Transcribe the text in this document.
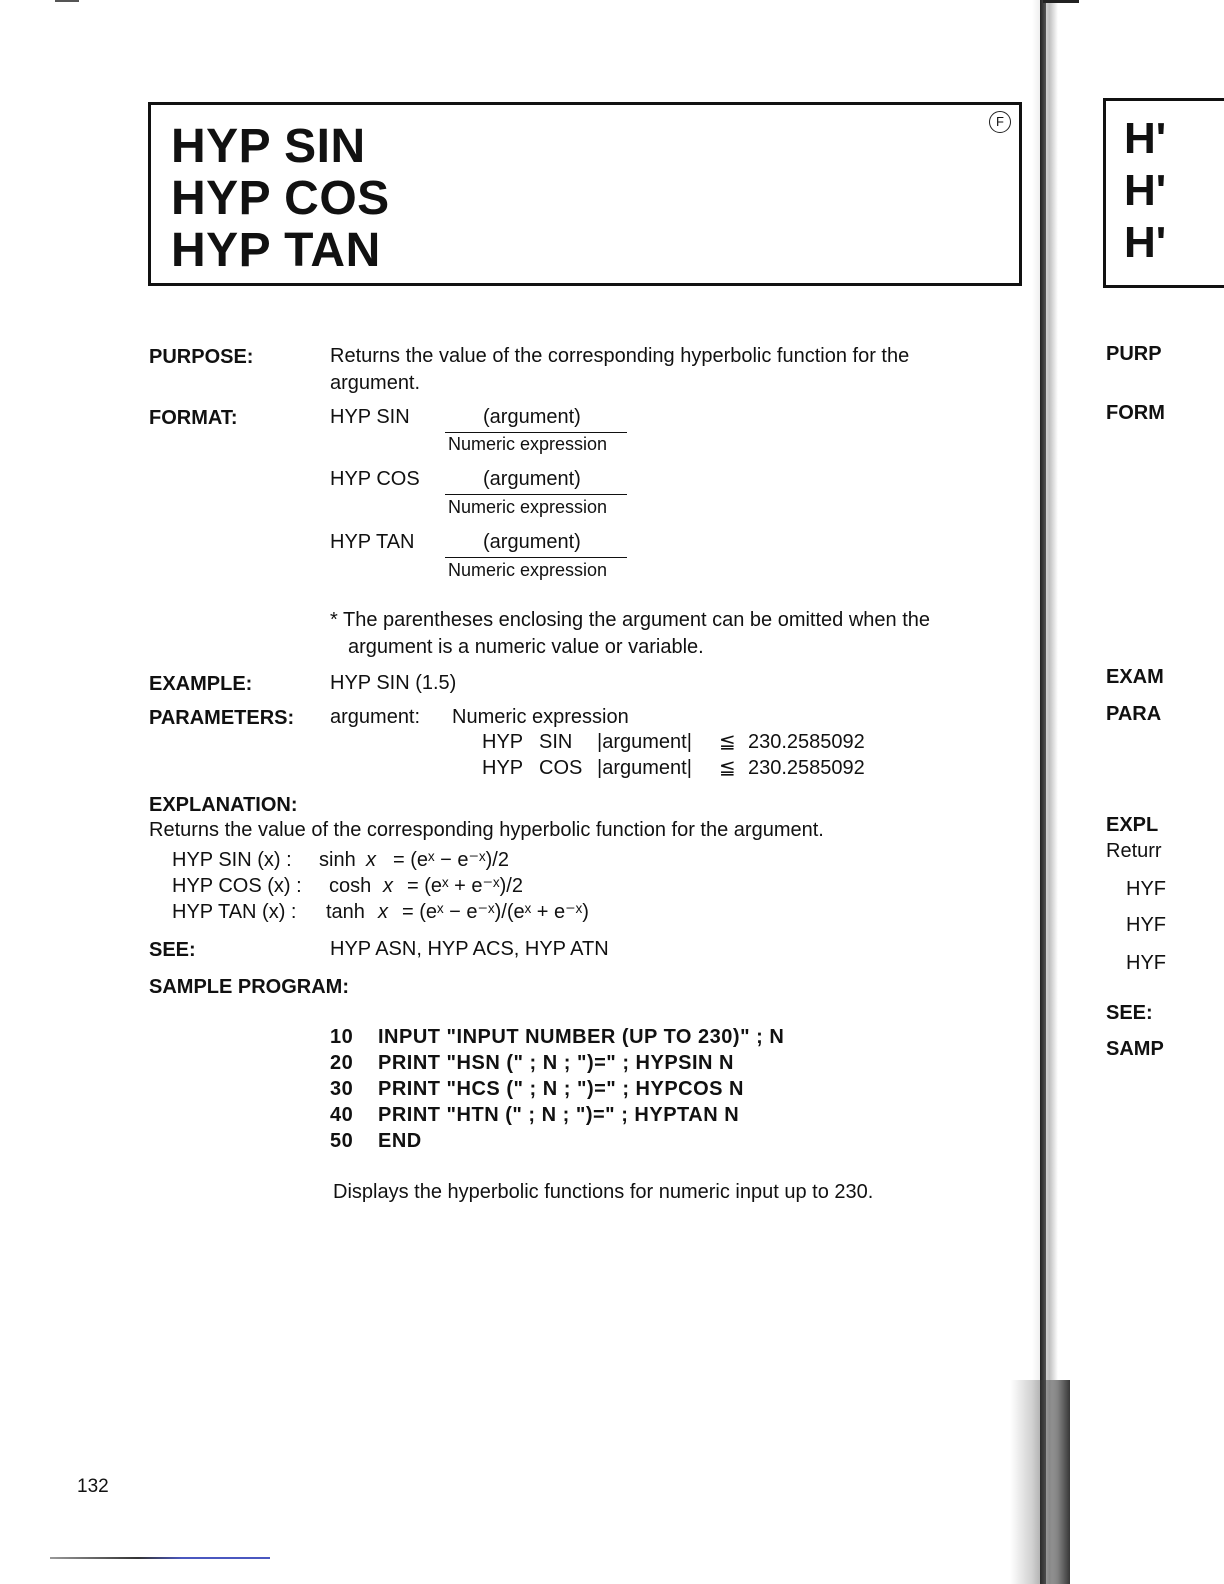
HYP SIN
HYP COS
HYP TAN
F
PURPOSE:	Returns the value of the corresponding hyperbolic function for the
argument.
FORMAT:	HYP SIN	(argument)
Numeric expression
HYP COS	(argument)
Numeric expression
HYP TAN	(argument)
Numeric expression
* The parentheses enclosing the argument can be omitted when the
argument is a numeric value or variable.
EXAMPLE:	HYP SIN (1.5)
PARAMETERS: argument: Numeric expression
HYP SIN |argument| ≦ 230.2585092
HYP COS |argument| ≦ 230.2585092
EXPLANATION:
Returns the value of the corresponding hyperbolic function for the argument.
HYP SIN (x) : sinh x = (eˣ − e⁻ˣ)/2
HYP COS (x) : cosh x = (eˣ + e⁻ˣ)/2
HYP TAN (x) : tanh x = (eˣ − e⁻ˣ)/(eˣ + e⁻ˣ)
SEE:	HYP ASN, HYP ACS, HYP ATN
SAMPLE PROGRAM:
10 INPUT "INPUT NUMBER (UP TO 230)" ; N
20 PRINT "HSN (" ; N ; ")=" ; HYPSIN N
30 PRINT "HCS (" ; N ; ")=" ; HYPCOS N
40 PRINT "HTN (" ; N ; ")=" ; HYPTAN N
50 END
Displays the hyperbolic functions for numeric input up to 230.
132
H'
H'
H'
PURP
FORM
EXAM
PARA
EXPL
Returr
HYF
HYF
HYF
SEE:
SAMP
